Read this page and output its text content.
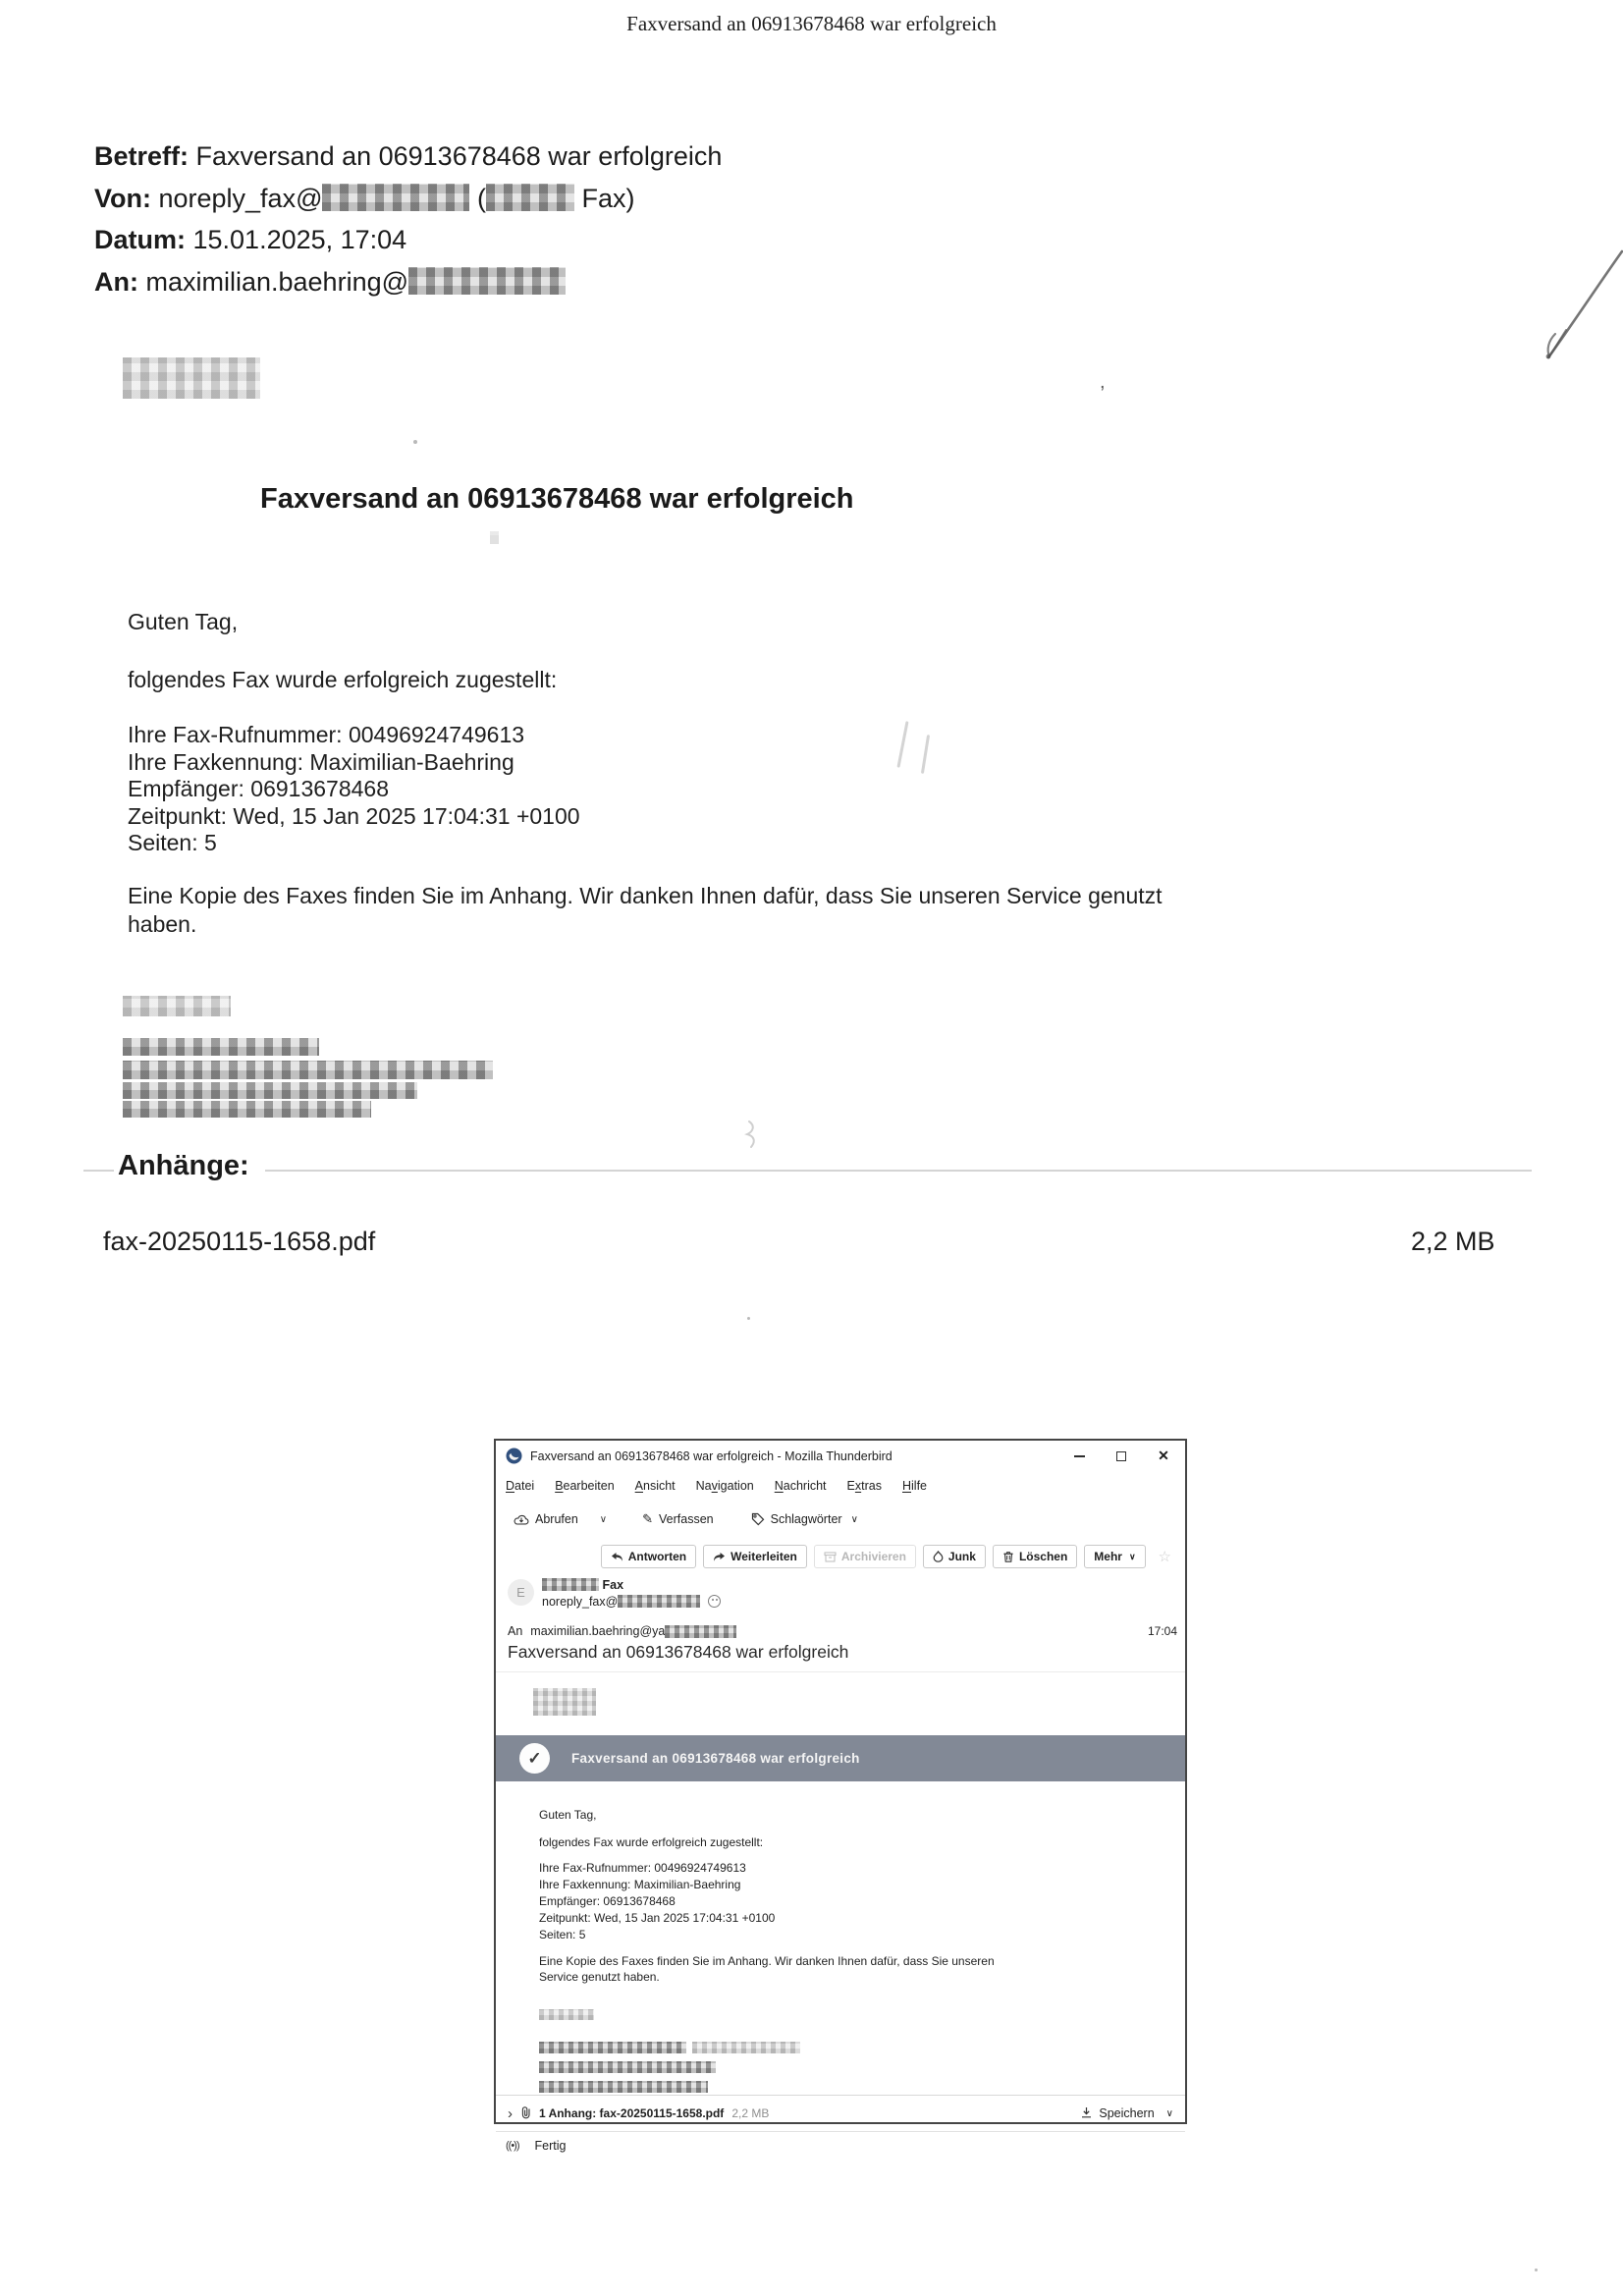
Faxversand an 06913678468 war erfolgreich
Betreff: Faxversand an 06913678468 war erfolgreich
Von: noreply_fax@	(	Fax)
Datum: 15.01.2025, 17:04
An: maximilian.baehring@
,
Faxversand an 06913678468 war erfolgreich
Guten Tag,
folgendes Fax wurde erfolgreich zugestellt:
Ihre Fax-Rufnummer: 00496924749613
Ihre Faxkennung: Maximilian-Baehring
Empfänger: 06913678468
Zeitpunkt: Wed, 15 Jan 2025 17:04:31 +0100
Seiten: 5
Eine Kopie des Faxes finden Sie im Anhang. Wir danken Ihnen dafür, dass Sie unseren Service genutzt
haben.
Anhänge:
fax-20250115-1658.pdf	2,2 MB
Faxversand an 06913678468 war erfolgreich - Mozilla Thunderbird	✕
Datei Bearbeiten Ansicht Navigation Nachricht Extras Hilfe
Abrufen	∨	✎ Verfassen	Schlagwörter ∨
Antworten	Weiterleiten	Archivieren	Junk	Löschen Mehr ∨ ☆
E	Fax
noreply_fax@
An maximilian.baehring@ya	17:04
Faxversand an 06913678468 war erfolgreich
✓ Faxversand an 06913678468 war erfolgreich
Guten Tag,
folgendes Fax wurde erfolgreich zugestellt:
Ihre Fax-Rufnummer: 00496924749613
Ihre Faxkennung: Maximilian-Baehring
Empfänger: 06913678468
Zeitpunkt: Wed, 15 Jan 2025 17:04:31 +0100
Seiten: 5
Eine Kopie des Faxes finden Sie im Anhang. Wir danken Ihnen dafür, dass Sie unseren
Service genutzt haben.
› 1 Anhang: fax-20250115-1658.pdf 2,2 MB	Speichern ∨
((•)) Fertig
